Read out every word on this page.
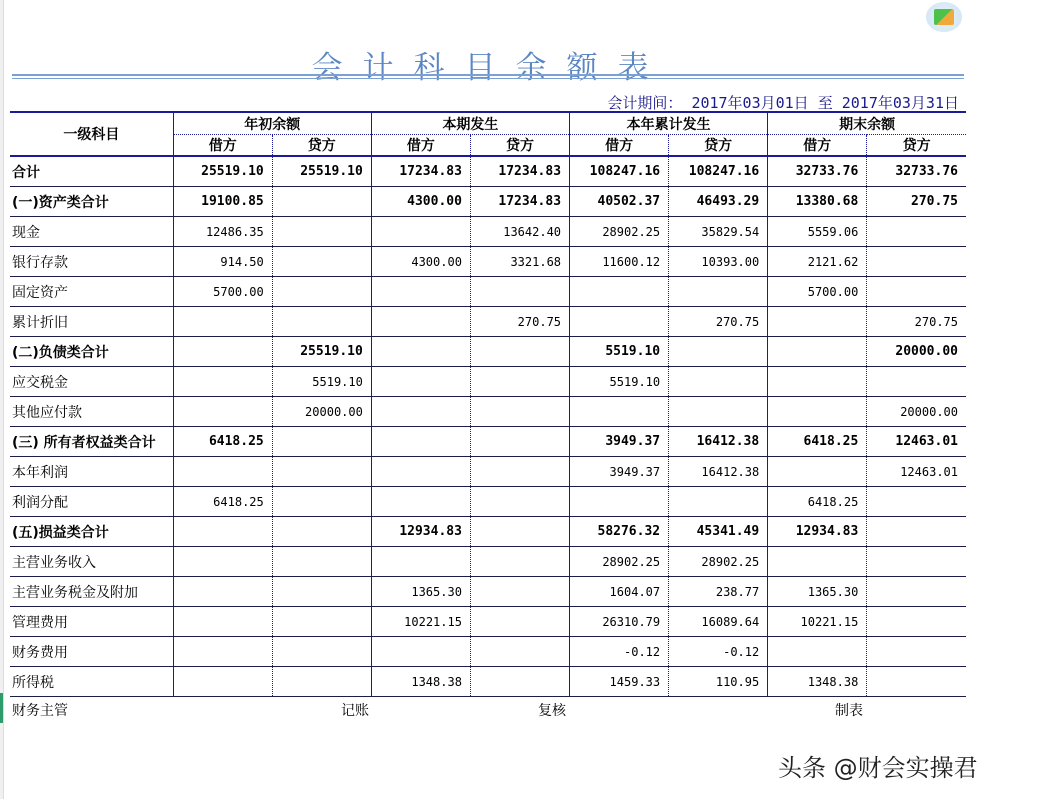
会计科目余额表
会计期间： 2017年03月01日 至 2017年03月31日
一级科目	年初余额		本期发生		本年累计发生		期末余额	
	借方	贷方	借方	贷方	借方	贷方	借方	贷方
合计	25519.10	25519.10	17234.83	17234.83	108247.16	108247.16	32733.76	32733.76
(一)资产类合计	19100.85		4300.00	17234.83	40502.37	46493.29	13380.68	270.75
现金	12486.35			13642.40	28902.25	35829.54	5559.06	
银行存款	914.50		4300.00	3321.68	11600.12	10393.00	2121.62	
固定资产	5700.00						5700.00	
累计折旧				270.75		270.75		270.75
(二)负债类合计		25519.10			5519.10			20000.00
应交税金		5519.10			5519.10			
其他应付款		20000.00						20000.00
(三) 所有者权益类合计	6418.25				3949.37	16412.38	6418.25	12463.01
本年利润					3949.37	16412.38		12463.01
利润分配	6418.25						6418.25	
(五)损益类合计			12934.83		58276.32	45341.49	12934.83	
主营业务收入					28902.25	28902.25		
主营业务税金及附加			1365.30		1604.07	238.77	1365.30	
管理费用			10221.15		26310.79	16089.64	10221.15	
财务费用					-0.12	-0.12		
所得税			1348.38		1459.33	110.95	1348.38	
财务主管	记账	复核	制表
头条 @财会实操君
